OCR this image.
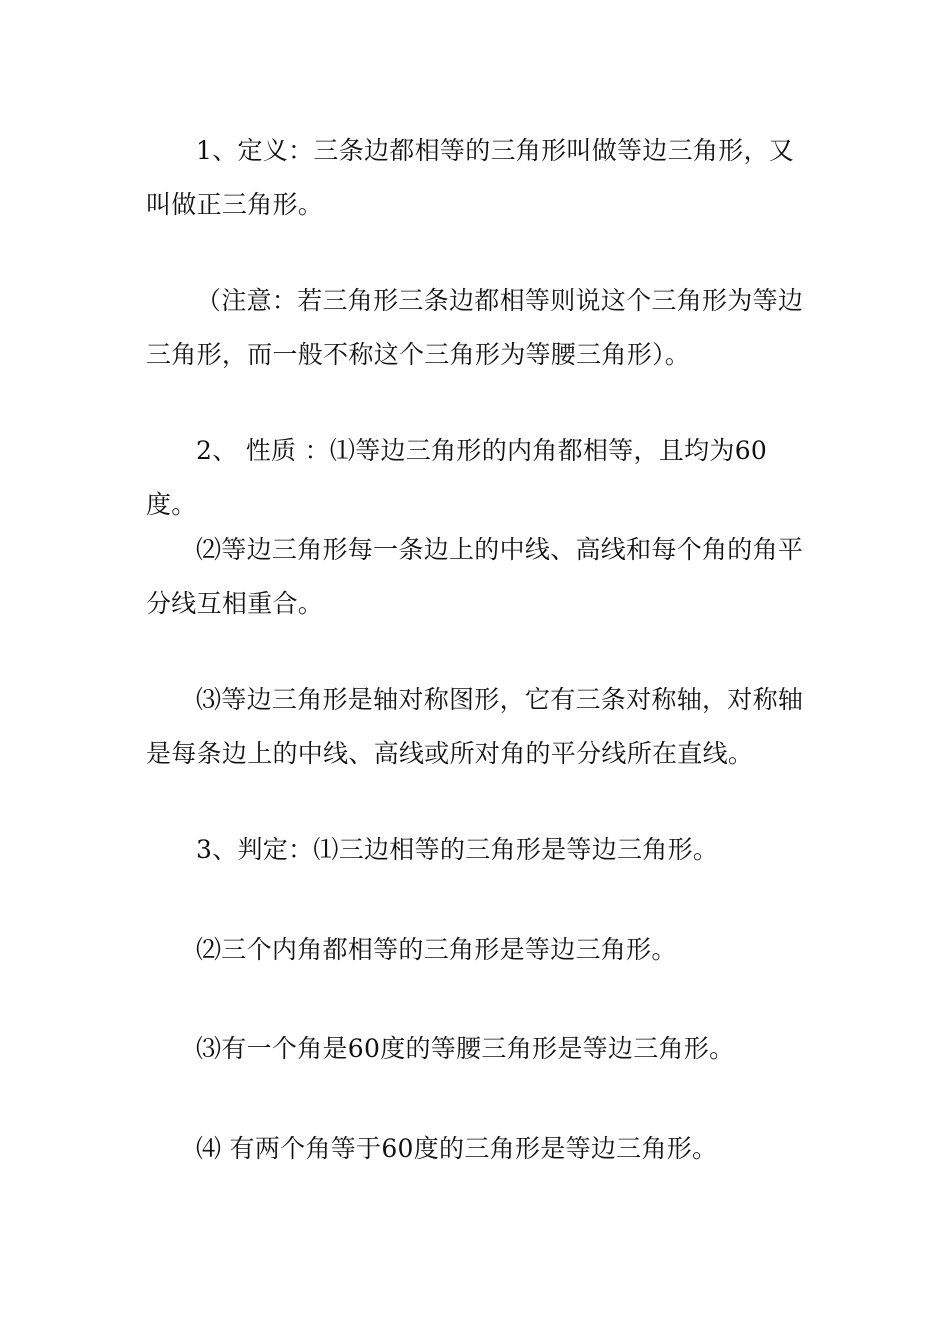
1、定义：三条边都相等的三角形叫做等边三角形，又叫做正三角形。

（注意：若三角形三条边都相等则说这个三角形为等边三角形，而一般不称这个三角形为等腰三角形）。

2、 性质 ：⑴等边三角形的内角都相等，且均为60度。

⑵等边三角形每一条边上的中线、高线和每个角的角平分线互相重合。

⑶等边三角形是轴对称图形，它有三条对称轴，对称轴是每条边上的中线、高线或所对角的平分线所在直线。

3、判定：⑴三边相等的三角形是等边三角形。

⑵三个内角都相等的三角形是等边三角形。

⑶有一个角是60度的等腰三角形是等边三角形。

⑷ 有两个角等于60度的三角形是等边三角形。
